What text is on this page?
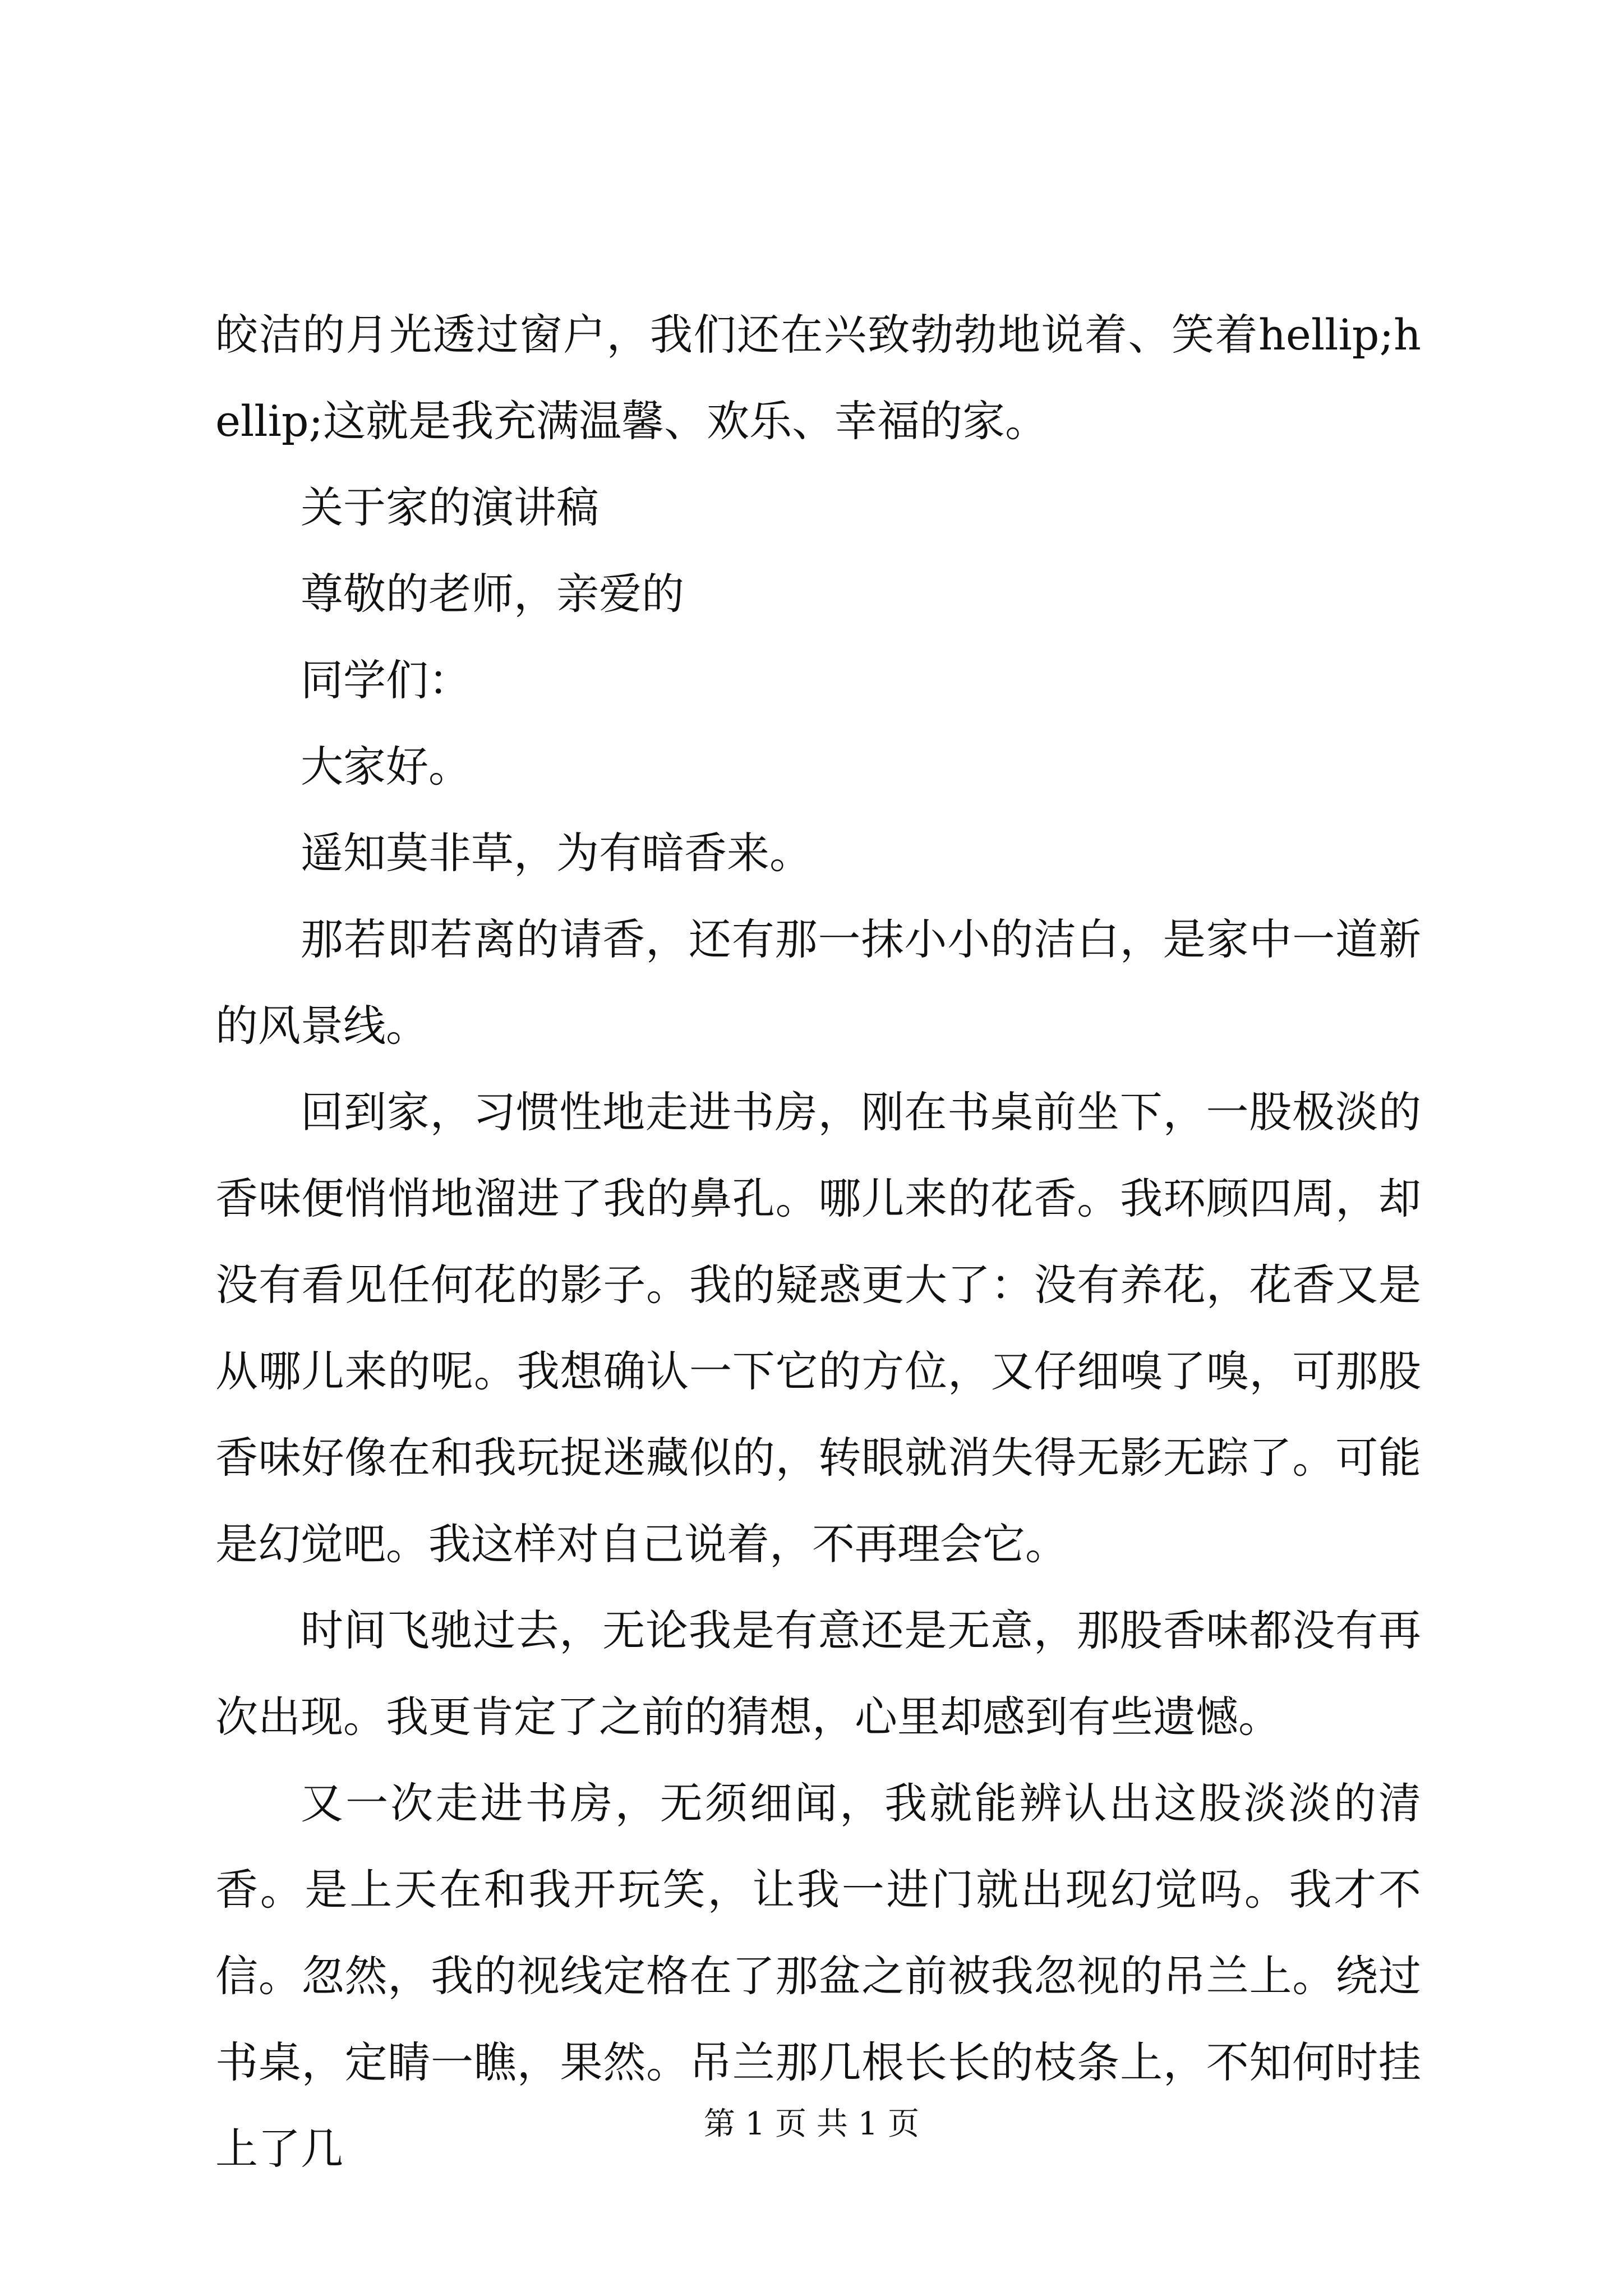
皎洁的月光透过窗户，我们还在兴致勃勃地说着、笑着hellip;hellip;这就是我充满温馨、欢乐、幸福的家。

关于家的演讲稿

尊敬的老师，亲爱的

同学们：

大家好。

遥知莫非草，为有暗香来。

那若即若离的请香，还有那一抹小小的洁白，是家中一道新的风景线。

回到家，习惯性地走进书房，刚在书桌前坐下，一股极淡的香味便悄悄地溜进了我的鼻孔。哪儿来的花香。我环顾四周，却没有看见任何花的影子。我的疑惑更大了：没有养花，花香又是从哪儿来的呢。我想确认一下它的方位，又仔细嗅了嗅，可那股香味好像在和我玩捉迷藏似的，转眼就消失得无影无踪了。可能是幻觉吧。我这样对自己说着，不再理会它。

时间飞驰过去，无论我是有意还是无意，那股香味都没有再次出现。我更肯定了之前的猜想，心里却感到有些遗憾。

又一次走进书房，无须细闻，我就能辨认出这股淡淡的清香。是上天在和我开玩笑，让我一进门就出现幻觉吗。我才不信。忽然，我的视线定格在了那盆之前被我忽视的吊兰上。绕过书桌，定睛一瞧，果然。吊兰那几根长长的枝条上，不知何时挂上了几	第 1 页 共 1 页
